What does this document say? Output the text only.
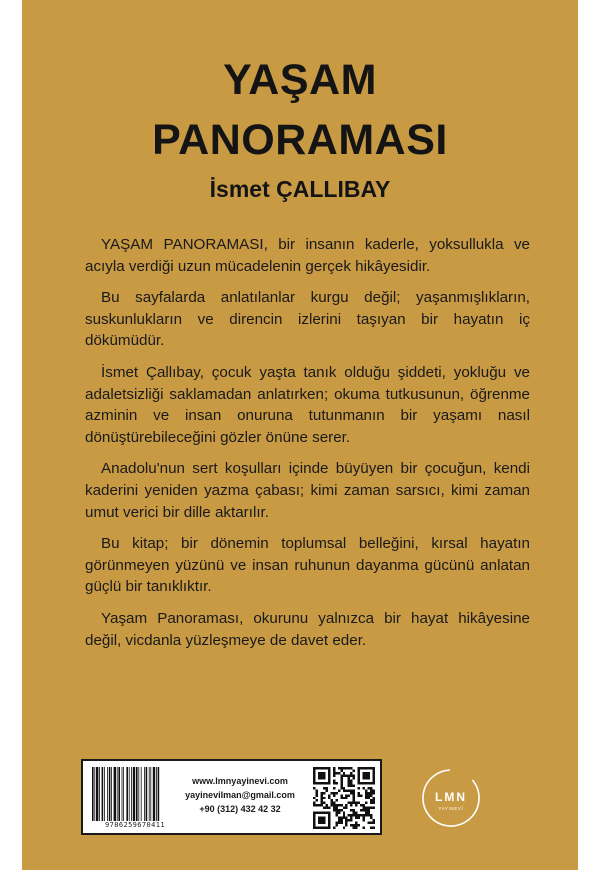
YAŞAM
PANORAMASI
İsmet ÇALLIBAY

YAŞAM PANORAMASI, bir insanın kaderle, yoksullukla ve acıyla verdiği uzun mücadelenin gerçek hikâyesidir.

Bu sayfalarda anlatılanlar kurgu değil; yaşanmışlıkların, suskunlukların ve direncin izlerini taşıyan bir hayatın iç dökümüdür.

İsmet Çallıbay, çocuk yaşta tanık olduğu şiddeti, yokluğu ve adaletsizliği saklamadan anlatırken; okuma tutkusunun, öğrenme azminin ve insan onuruna tutunmanın bir yaşamı nasıl dönüştürebileceğini gözler önüne serer.

Anadolu'nun sert koşulları içinde büyüyen bir çocuğun, kendi kaderini yeniden yazma çabası; kimi zaman sarsıcı, kimi zaman umut verici bir dille aktarılır.

Bu kitap; bir dönemin toplumsal belleğini, kırsal hayatın görünmeyen yüzünü ve insan ruhunun dayanma gücünü anlatan güçlü bir tanıklıktır.

Yaşam Panoraması, okurunu yalnızca bir hayat hikâyesine değil, vicdanla yüzleşmeye de davet eder.

9786259670411
www.lmnyayinevi.com
yayinevilman@gmail.com
+90 (312) 432 42 32
LMN
YAYINEVİ
